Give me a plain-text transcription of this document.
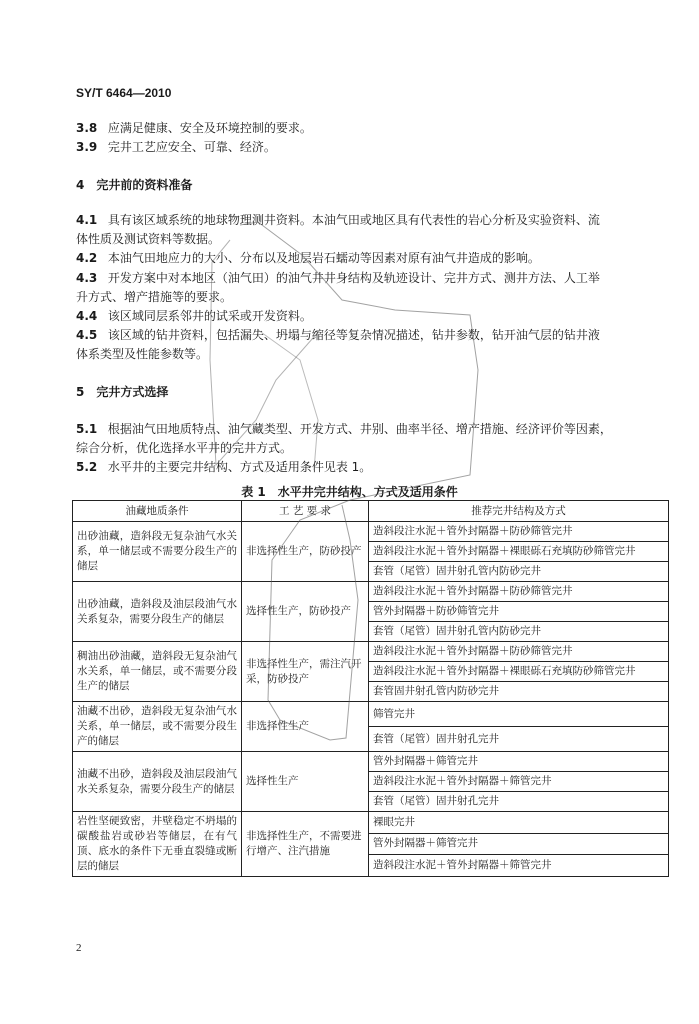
SY/T 6464—2010
3.8 应满足健康、安全及环境控制的要求。
3.9 完井工艺应安全、可靠、经济。
4　完井前的资料准备
4.1 具有该区域系统的地球物理测井资料。本油气田或地区具有代表性的岩心分析及实验资料、流
体性质及测试资料等数据。
4.2 本油气田地应力的大小、分布以及地层岩石蠕动等因素对原有油气井造成的影响。
4.3 开发方案中对本地区（油气田）的油气井井身结构及轨迹设计、完井方式、测井方法、人工举
升方式、增产措施等的要求。
4.4 该区域同层系邻井的试采或开发资料。
4.5 该区域的钻井资料，包括漏失、坍塌与缩径等复杂情况描述，钻井参数，钻开油气层的钻井液
体系类型及性能参数等。
5　完井方式选择
5.1 根据油气田地质特点、油气藏类型、开发方式、井别、曲率半径、增产措施、经济评价等因素，
综合分析，优化选择水平井的完井方式。
5.2 水平井的主要完井结构、方式及适用条件见表 1。
表 1　水平井完井结构、方式及适用条件
油藏地质条件	工 艺 要 求	推荐完井结构及方式
出砂油藏，造斜段无复杂油气水关系，单一储层或不需要分段生产的储层	非选择性生产，防砂投产	造斜段注水泥＋管外封隔器＋防砂筛管完井
		造斜段注水泥＋管外封隔器＋裸眼砾石充填防砂筛管完井
		套管（尾管）固井射孔管内防砂完井
出砂油藏，造斜段及油层段油气水关系复杂，需要分段生产的储层	选择性生产，防砂投产	造斜段注水泥＋管外封隔器＋防砂筛管完井
		管外封隔器＋防砂筛管完井
		套管（尾管）固井射孔管内防砂完井
稠油出砂油藏，造斜段无复杂油气水关系，单一储层，或不需要分段生产的储层	非选择性生产，需注汽开采，防砂投产	造斜段注水泥＋管外封隔器＋防砂筛管完井
		造斜段注水泥＋管外封隔器＋裸眼砾石充填防砂筛管完井
		套管固井射孔管内防砂完井
油藏不出砂，造斜段无复杂油气水关系，单一储层，或不需要分段生产的储层	非选择性生产	筛管完井
		套管（尾管）固井射孔完井
油藏不出砂，造斜段及油层段油气水关系复杂，需要分段生产的储层	选择性生产	管外封隔器＋筛管完井
		造斜段注水泥＋管外封隔器＋筛管完井
		套管（尾管）固井射孔完井
岩性坚硬致密，井壁稳定不坍塌的碳酸盐岩或砂岩等储层，在有气顶、底水的条件下无垂直裂缝或断层的储层	非选择性生产，不需要进行增产、注汽措施	裸眼完井
		管外封隔器＋筛管完井
		造斜段注水泥＋管外封隔器＋筛管完井
2
